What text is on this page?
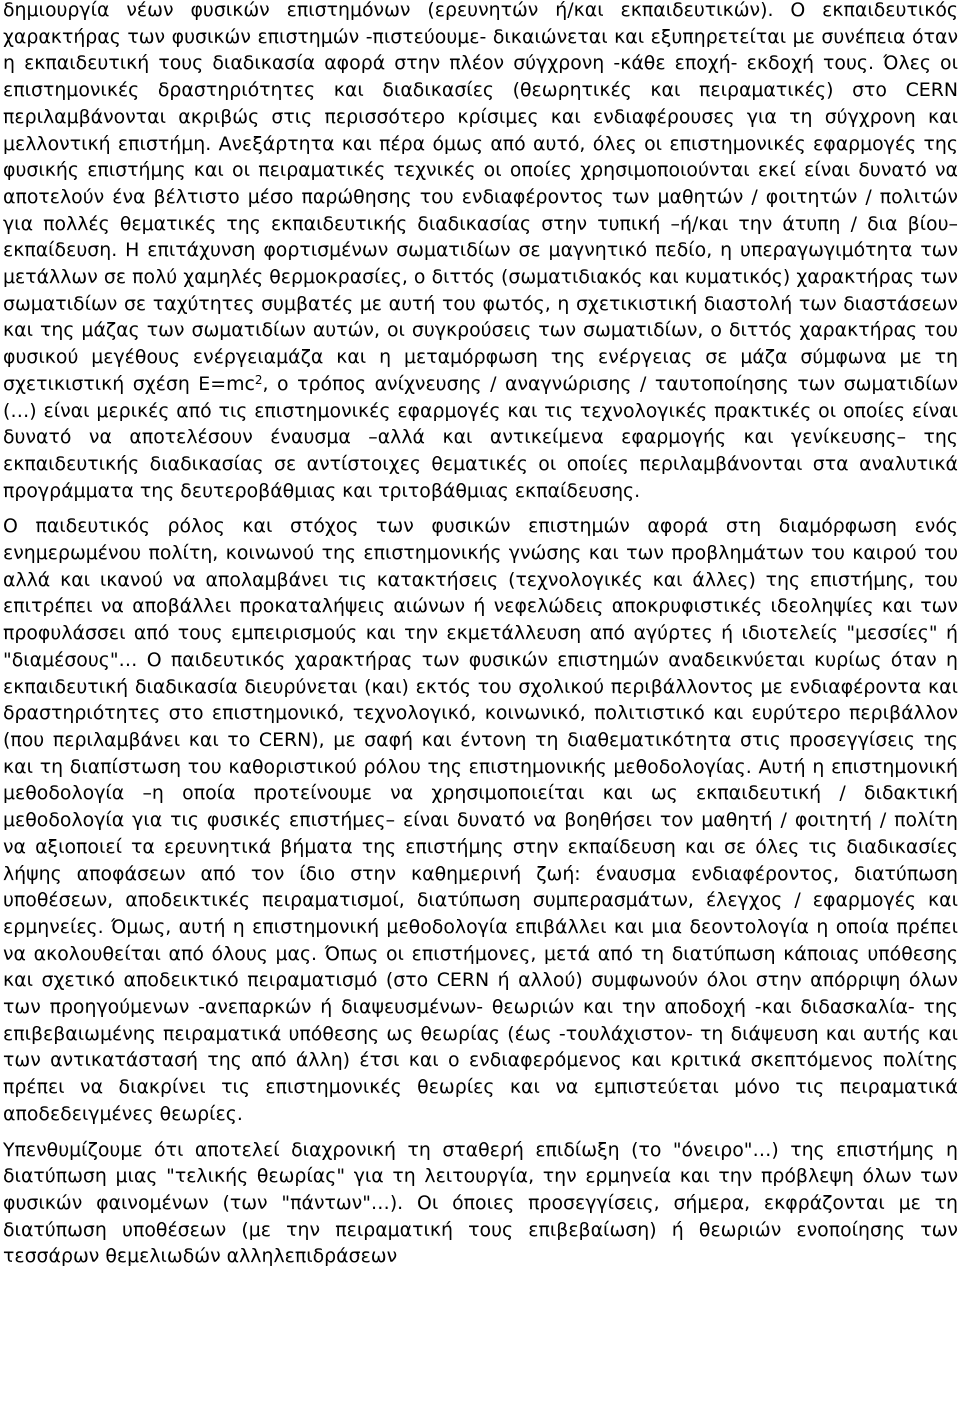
δημιουργία νέων φυσικών επιστημόνων (ερευνητών ή/και εκπαιδευτικών). Ο εκπαιδευτικός χαρακτήρας των φυσικών επιστημών -πιστεύουμε- δικαιώνεται και εξυπηρετείται με συνέπεια όταν η εκπαιδευτική τους διαδικασία αφορά στην πλέον σύγχρονη -κάθε εποχή- εκδοχή τους. Όλες οι επιστημονικές δραστηριότητες και διαδικασίες (θεωρητικές και πειραματικές) στο CERN περιλαμβάνονται ακριβώς στις περισσότερο κρίσιμες και ενδιαφέρουσες για τη σύγχρονη και μελλοντική επιστήμη. Ανεξάρτητα και πέρα όμως από αυτό, όλες οι επιστημονικές εφαρμογές της φυσικής επιστήμης και οι πειραματικές τεχνικές οι οποίες χρησιμοποιούνται εκεί είναι δυνατό να αποτελούν ένα βέλτιστο μέσο παρώθησης του ενδιαφέροντος των μαθητών / φοιτητών / πολιτών για πολλές θεματικές της εκπαιδευτικής διαδικασίας στην τυπική –ή/και την άτυπη / δια βίου– εκπαίδευση. Η επιτάχυνση φορτισμένων σωματιδίων σε μαγνητικό πεδίο, η υπεραγωγιμότητα των μετάλλων σε πολύ χαμηλές θερμοκρασίες, ο διττός (σωματιδιακός και κυματικός) χαρακτήρας των σωματιδίων σε ταχύτητες συμβατές με αυτή του φωτός, η σχετικιστική διαστολή των διαστάσεων και της μάζας των σωματιδίων αυτών, οι συγκρούσεις των σωματιδίων, ο διττός χαρακτήρας του φυσικού μεγέθους ενέργειαμάζα και η μεταμόρφωση της ενέργειας σε μάζα σύμφωνα με τη σχετικιστική σχέση $E=mc^2$, ο τρόπος ανίχνευσης / αναγνώρισης / ταυτοποίησης των σωματιδίων (…) είναι μερικές από τις επιστημονικές εφαρμογές και τις τεχνολογικές πρακτικές οι οποίες είναι δυνατό να αποτελέσουν έναυσμα –αλλά και αντικείμενα εφαρμογής και γενίκευσης– της εκπαιδευτικής διαδικασίας σε αντίστοιχες θεματικές οι οποίες περιλαμβάνονται στα αναλυτικά προγράμματα της δευτεροβάθμιας και τριτοβάθμιας εκπαίδευσης.

Ο παιδευτικός ρόλος και στόχος των φυσικών επιστημών αφορά στη διαμόρφωση ενός ενημερωμένου πολίτη, κοινωνού της επιστημονικής γνώσης και των προβλημάτων του καιρού του αλλά και ικανού να απολαμβάνει τις κατακτήσεις (τεχνολογικές και άλλες) της επιστήμης, του επιτρέπει να αποβάλλει προκαταλήψεις αιώνων ή νεφελώδεις αποκρυφιστικές ιδεοληψίες και των προφυλάσσει από τους εμπειρισμούς και την εκμετάλλευση από αγύρτες ή ιδιοτελείς "μεσσίες" ή "διαμέσους"… Ο παιδευτικός χαρακτήρας των φυσικών επιστημών αναδεικνύεται κυρίως όταν η εκπαιδευτική διαδικασία διευρύνεται (και) εκτός του σχολικού περιβάλλοντος με ενδιαφέροντα και δραστηριότητες στο επιστημονικό, τεχνολογικό, κοινωνικό, πολιτιστικό και ευρύτερο περιβάλλον (που περιλαμβάνει και το CERN), με σαφή και έντονη τη διαθεματικότητα στις προσεγγίσεις της και τη διαπίστωση του καθοριστικού ρόλου της επιστημονικής μεθοδολογίας. Αυτή η επιστημονική μεθοδολογία –η οποία προτείνουμε να χρησιμοποιείται και ως εκπαιδευτική / διδακτική μεθοδολογία για τις φυσικές επιστήμες– είναι δυνατό να βοηθήσει τον μαθητή / φοιτητή / πολίτη να αξιοποιεί τα ερευνητικά βήματα της επιστήμης στην εκπαίδευση και σε όλες τις διαδικασίες λήψης αποφάσεων από τον ίδιο στην καθημερινή ζωή: έναυσμα ενδιαφέροντος, διατύπωση υποθέσεων, αποδεικτικές πειραματισμοί, διατύπωση συμπερασμάτων, έλεγχος / εφαρμογές και ερμηνείες. Όμως, αυτή η επιστημονική μεθοδολογία επιβάλλει και μια δεοντολογία η οποία πρέπει να ακολουθείται από όλους μας. Όπως οι επιστήμονες, μετά από τη διατύπωση κάποιας υπόθεσης και σχετικό αποδεικτικό πειραματισμό (στο CERN ή αλλού) συμφωνούν όλοι στην απόρριψη όλων των προηγούμενων -ανεπαρκών ή διαψευσμένων- θεωριών και την αποδοχή -και διδασκαλία- της επιβεβαιωμένης πειραματικά υπόθεσης ως θεωρίας (έως -τουλάχιστον- τη διάψευση και αυτής και των αντικατάστασή της από άλλη) έτσι και ο ενδιαφερόμενος και κριτικά σκεπτόμενος πολίτης πρέπει να διακρίνει τις επιστημονικές θεωρίες και να εμπιστεύεται μόνο τις πειραματικά αποδεδειγμένες θεωρίες.

Υπενθυμίζουμε ότι αποτελεί διαχρονική τη σταθερή επιδίωξη (το "όνειρο"…) της επιστήμης η διατύπωση μιας "τελικής θεωρίας" για τη λειτουργία, την ερμηνεία και την πρόβλεψη όλων των φυσικών φαινομένων (των "πάντων"…). Οι όποιες προσεγγίσεις, σήμερα, εκφράζονται με τη διατύπωση υποθέσεων (με την πειραματική τους επιβεβαίωση) ή θεωριών ενοποίησης των τεσσάρων θεμελιωδών αλληλεπιδράσεων
